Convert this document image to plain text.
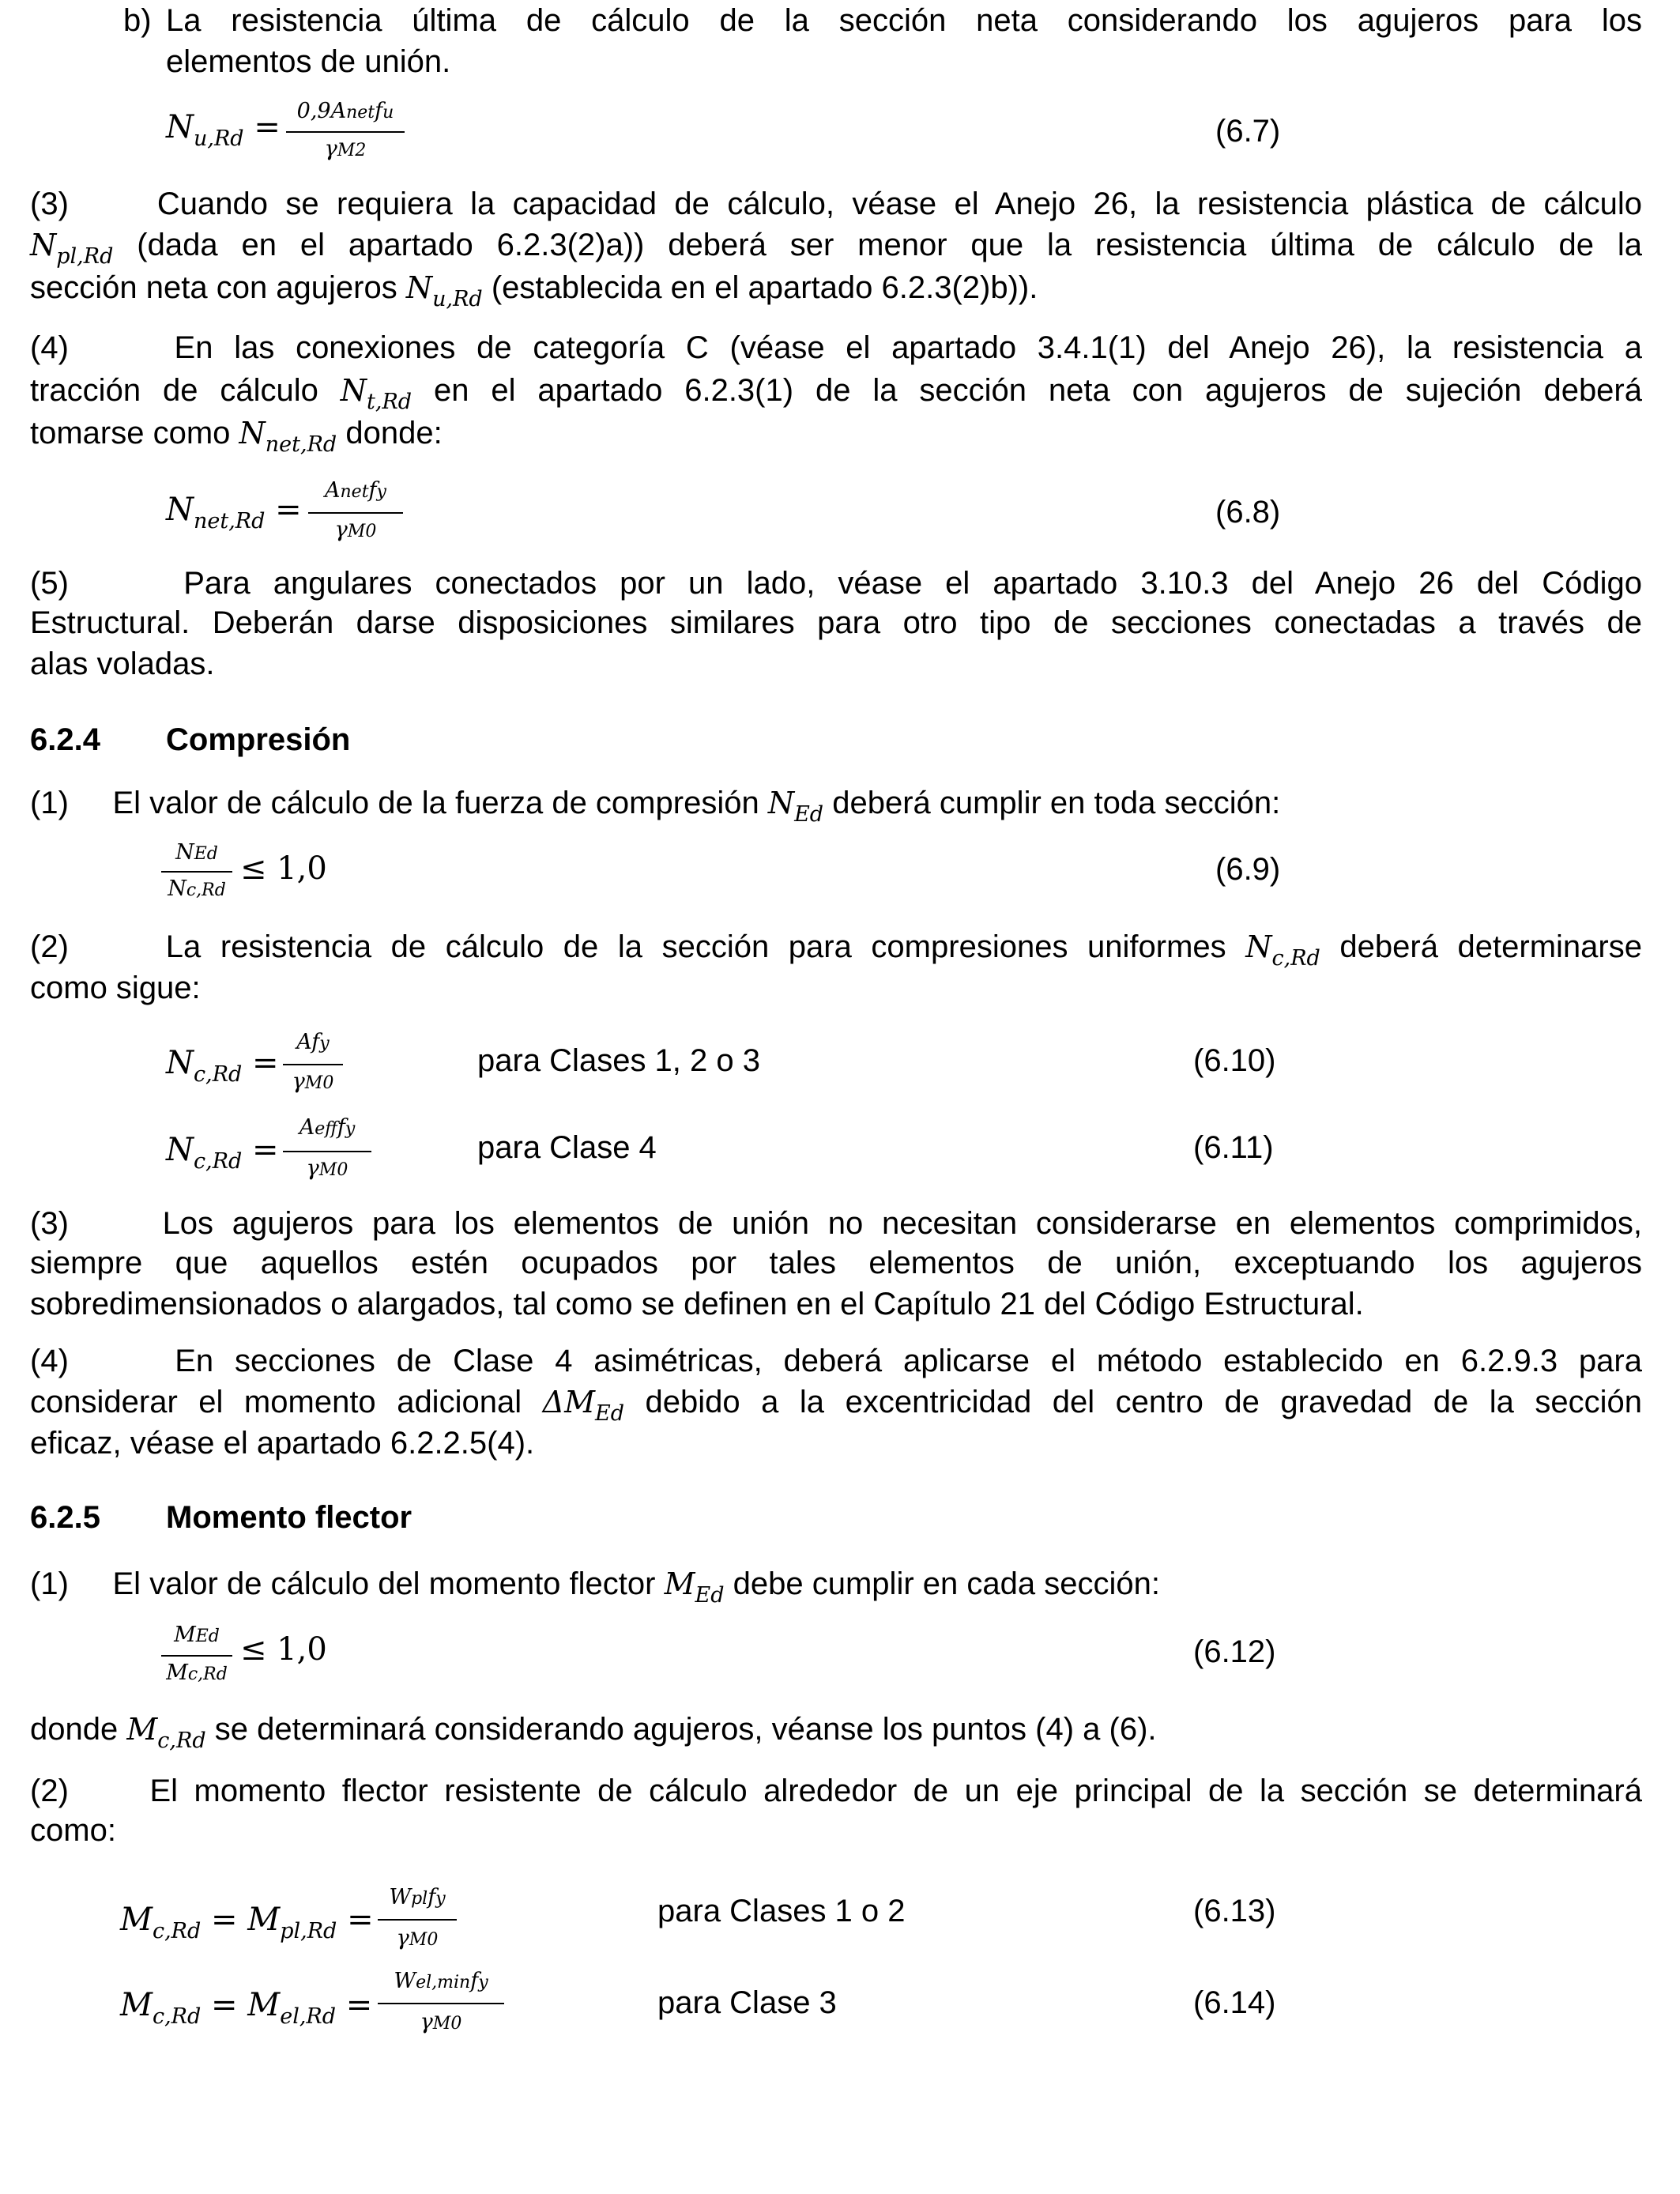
b) La resistencia última de cálculo de la sección neta considerando los agujeros para los
elementos de unión.
$N_{u,Rd}$ = 0,9Anetfu
γM2
(6.7)
(3)	Cuando se requiera la capacidad de cálculo, véase el Anejo 26, la resistencia plástica de cálculo
$N_{pl,Rd}$ (dada en el apartado 6.2.3(2)a)) deberá ser menor que la resistencia última de cálculo de la
sección neta con agujeros $N_{u,Rd}$ (establecida en el apartado 6.2.3(2)b)).
(4)	En las conexiones de categoría C (véase el apartado 3.4.1(1) del Anejo 26), la resistencia a
tracción de cálculo $N_{t,Rd}$ en el apartado 6.2.3(1) de la sección neta con agujeros de sujeción deberá
tomarse como $N_{net,Rd}$ donde:
$N_{net,Rd}$ =
Anetfy
γM0
(6.8)
(5)	Para angulares conectados por un lado, véase el apartado 3.10.3 del Anejo 26 del Código
Estructural. Deberán darse disposiciones similares para otro tipo de secciones conectadas a través de
alas voladas.
6.2.4 Compresión
(1) El valor de cálculo de la fuerza de compresión $N_{Ed}$ deberá cumplir en toda sección:
NEd
Nc,Rd
≤ 1,0	(6.9)
(2)	La resistencia de cálculo de la sección para compresiones uniformes $N_{c,Rd}$ deberá determinarse
como sigue:
$N_{c,Rd}$ =
Afy
γM0
para Clases 1, 2 o 3	(6.10)
$N_{c,Rd}$ =
Aefffy
γM0
para Clase 4	(6.11)
(3)	Los agujeros para los elementos de unión no necesitan considerarse en elementos comprimidos,
siempre que aquellos estén ocupados por tales elementos de unión, exceptuando los agujeros
sobredimensionados o alargados, tal como se definen en el Capítulo 21 del Código Estructural.
(4)	En secciones de Clase 4 asimétricas, deberá aplicarse el método establecido en 6.2.9.3 para
considerar el momento adicional $\Delta M_{Ed}$ debido a la excentricidad del centro de gravedad de la sección
eficaz, véase el apartado 6.2.2.5(4).
6.2.5 Momento flector
(1) El valor de cálculo del momento flector $M_{Ed}$ debe cumplir en cada sección:
MEd
Mc,Rd
≤ 1,0	(6.12)
donde $M_{c,Rd}$ se determinará considerando agujeros, véanse los puntos (4) a (6).
(2)	El momento flector resistente de cálculo alrededor de un eje principal de la sección se determinará
como:
$M_{c,Rd} = M_{pl,Rd}$ =
Wplfy
γM0
para Clases 1 o 2	(6.13)
$M_{c,Rd} = M_{el,Rd}$ =
Wel,minfy
γM0
para Clase 3	(6.14)
